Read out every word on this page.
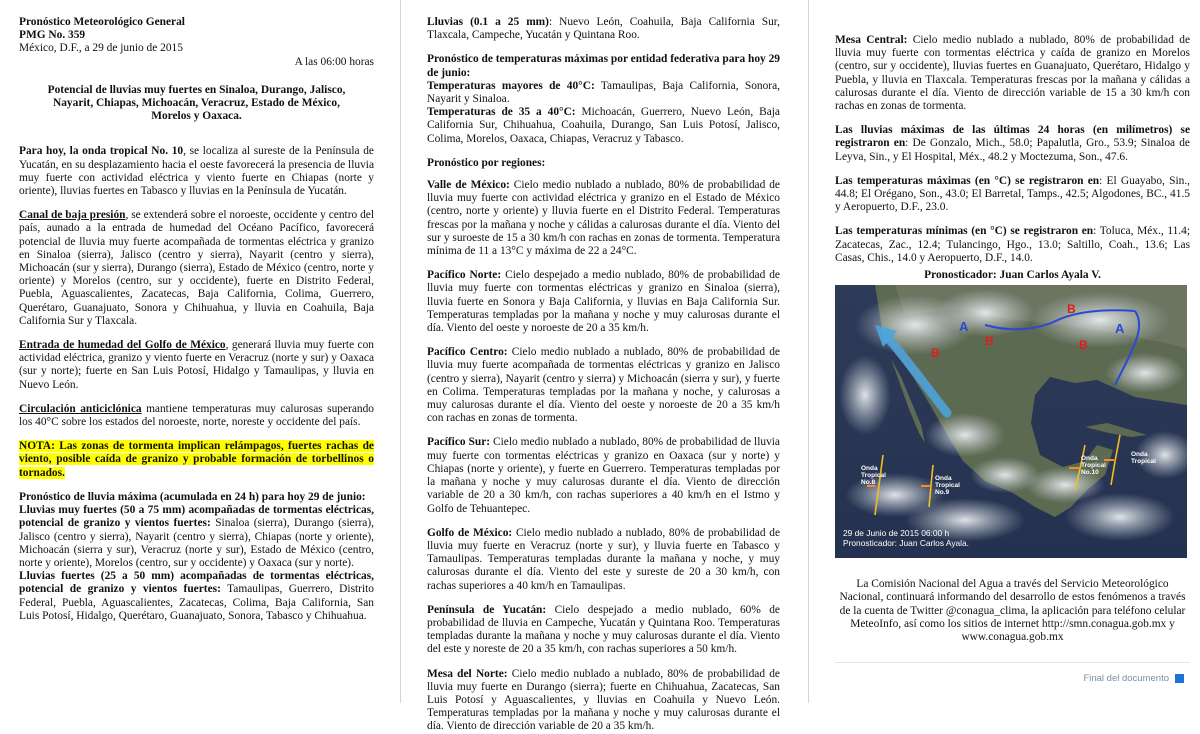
Pronóstico Meteorológico General
PMG No. 359
México, D.F., a 29 de junio de 2015
A las 06:00 horas

Potencial de lluvias muy fuertes en Sinaloa, Durango, Jalisco, Nayarit, Chiapas, Michoacán, Veracruz, Estado de México, Morelos y Oaxaca.

Para hoy, la onda tropical No. 10, se localiza al sureste de la Península de Yucatán, en su desplazamiento hacia el oeste favorecerá la presencia de lluvia muy fuerte con actividad eléctrica y viento fuerte en Chiapas (norte y oriente), lluvias fuertes en Tabasco y lluvias en la Península de Yucatán.

Canal de baja presión, se extenderá sobre el noroeste, occidente y centro del país, aunado a la entrada de humedad del Océano Pacífico, favorecerá potencial de lluvia muy fuerte acompañada de tormentas eléctrica y granizo en Sinaloa (sierra), Jalisco (centro y sierra), Nayarit (centro y sierra), Michoacán (sur y sierra), Durango (sierra), Estado de México (centro, norte y oriente) y Morelos (centro, sur y occidente), fuerte en Distrito Federal, Puebla, Aguascalientes, Zacatecas, Baja California, Colima, Guerrero, Querétaro, Guanajuato, Sonora y Chihuahua, y lluvia en Coahuila, Baja California Sur y Tlaxcala.

Entrada de humedad del Golfo de México, generará lluvia muy fuerte con actividad eléctrica, granizo y viento fuerte en Veracruz (norte y sur) y Oaxaca (sur y norte); fuerte en San Luis Potosí, Hidalgo y Tamaulipas, y lluvia en Nuevo León.

Circulación anticiclónica mantiene temperaturas muy calurosas superando los 40°C sobre los estados del noroeste, norte, noreste y occidente del país.

NOTA: Las zonas de tormenta implican relámpagos, fuertes rachas de viento, posible caída de granizo y probable formación de torbellinos o tornados.

Pronóstico de lluvia máxima (acumulada en 24 h) para hoy 29 de junio:
Lluvias muy fuertes (50 a 75 mm) acompañadas de tormentas eléctricas, potencial de granizo y vientos fuertes: Sinaloa (sierra), Durango (sierra), Jalisco (centro y sierra), Nayarit (centro y sierra), Chiapas (norte y oriente), Michoacán (sierra y sur), Veracruz (norte y sur), Estado de México (centro, norte y oriente), Morelos (centro, sur y occidente) y Oaxaca (sur y norte).
Lluvias fuertes (25 a 50 mm) acompañadas de tormentas eléctricas, potencial de granizo y vientos fuertes: Tamaulipas, Guerrero, Distrito Federal, Puebla, Aguascalientes, Zacatecas, Colima, Baja California, San Luis Potosí, Hidalgo, Querétaro, Guanajuato, Sonora, Tabasco y Chihuahua.

Lluvias (0.1 a 25 mm): Nuevo León, Coahuila, Baja California Sur, Tlaxcala, Campeche, Yucatán y Quintana Roo.

Pronóstico de temperaturas máximas por entidad federativa para hoy 29 de junio:
Temperaturas mayores de 40°C: Tamaulipas, Baja California, Sonora, Nayarit y Sinaloa.

Temperaturas de 35 a 40°C: Michoacán, Guerrero, Nuevo León, Baja California Sur, Chihuahua, Coahuila, Durango, San Luis Potosí, Jalisco, Colima, Morelos, Oaxaca, Chiapas, Veracruz y Tabasco.

Pronóstico por regiones:

Valle de México: Cielo medio nublado a nublado, 80% de probabilidad de lluvia muy fuerte con actividad eléctrica y granizo en el Estado de México (centro, norte y oriente) y lluvia fuerte en el Distrito Federal. Temperaturas frescas por la mañana y noche y cálidas a calurosas durante el día. Viento del sur y suroeste de 15 a 30 km/h con rachas en zonas de tormenta. Temperatura mínima de 11 a 13°C y máxima de 22 a 24°C.

Pacífico Norte: Cielo despejado a medio nublado, 80% de probabilidad de lluvia muy fuerte con tormentas eléctricas y granizo en Sinaloa (sierra), lluvia fuerte en Sonora y Baja California, y lluvias en Baja California Sur. Temperaturas templadas por la mañana y noche y muy calurosas durante el día. Viento del oeste y noroeste de 20 a 35 km/h.

Pacífico Centro: Cielo medio nublado a nublado, 80% de probabilidad de lluvia muy fuerte acompañada de tormentas eléctricas y granizo en Jalisco (centro y sierra), Nayarit (centro y sierra) y Michoacán (sierra y sur), y fuerte en Colima. Temperaturas templadas por la mañana y noche, y calurosas a muy calurosas durante el día. Viento del oeste y noroeste de 20 a 35 km/h con rachas en zonas de tormenta.

Pacífico Sur: Cielo medio nublado a nublado, 80% de probabilidad de lluvia muy fuerte con tormentas eléctricas y granizo en Oaxaca (sur y norte) y Chiapas (norte y oriente), y fuerte en Guerrero. Temperaturas templadas por la mañana y noche y muy calurosas durante el día. Viento de dirección variable de 20 a 30 km/h, con rachas superiores a 40 km/h en el Istmo y Golfo de Tehuantepec.

Golfo de México: Cielo medio nublado a nublado, 80% de probabilidad de lluvia muy fuerte en Veracruz (norte y sur), y lluvia fuerte en Tabasco y Tamaulipas. Temperaturas templadas durante la mañana y noche, y muy calurosas durante el día. Viento del este y sureste de 20 a 30 km/h, con rachas superiores a 40 km/h en Tamaulipas.

Península de Yucatán: Cielo despejado a medio nublado, 60% de probabilidad de lluvia en Campeche, Yucatán y Quintana Roo. Temperaturas templadas durante la mañana y noche y muy calurosas durante el día. Viento del este y noreste de 20 a 35 km/h, con rachas superiores a 50 km/h.

Mesa del Norte: Cielo medio nublado a nublado, 80% de probabilidad de lluvia muy fuerte en Durango (sierra); fuerte en Chihuahua, Zacatecas, San Luis Potosí y Aguascalientes, y lluvias en Coahuila y Nuevo León. Temperaturas templadas por la mañana y noche y muy calurosas durante el día. Viento de dirección variable de 20 a 35 km/h.

Mesa Central: Cielo medio nublado a nublado, 80% de probabilidad de lluvia muy fuerte con tormentas eléctrica y caída de granizo en Morelos (centro, sur y occidente), lluvias fuertes en Guanajuato, Querétaro, Hidalgo y Puebla, y lluvia en Tlaxcala. Temperaturas frescas por la mañana y cálidas a calurosas durante el día. Viento de dirección variable de 15 a 30 km/h con rachas en zonas de tormenta.

Las lluvias máximas de las últimas 24 horas (en milímetros) se registraron en: De Gonzalo, Mich., 58.0; Papalutla, Gro., 53.9; Sinaloa de Leyva, Sin., y El Hospital, Méx., 48.2 y Moctezuma, Son., 47.6.

Las temperaturas máximas (en °C) se registraron en: El Guayabo, Sin., 44.8; El Orégano, Son., 43.0; El Barretal, Tamps., 42.5; Algodones, BC., 41.5 y Aeropuerto, D.F., 23.0.

Las temperaturas mínimas (en °C) se registraron en: Toluca, Méx., 11.4; Zacatecas, Zac., 12.4; Tulancingo, Hgo., 13.0; Saltillo, Coah., 13.6; Las Casas, Chis., 14.0 y Aeropuerto, D.F., 14.0.

Pronosticador: Juan Carlos Ayala V.
A	A
B
B
B
B
Onda Tropical No.8
Onda Tropical No.9
Onda Tropical No.10
Onda Tropical
29 de Junio de 2015 06:00 h
Pronosticador: Juan Carlos Ayala.
La Comisión Nacional del Agua a través del Servicio Meteorológico Nacional, continuará informando del desarrollo de estos fenómenos a través de la cuenta de Twitter @conagua_clima, la aplicación para teléfono celular MeteoInfo, así como los sitios de internet http://smn.conagua.gob.mx y www.conagua.gob.mx
Final del documento
